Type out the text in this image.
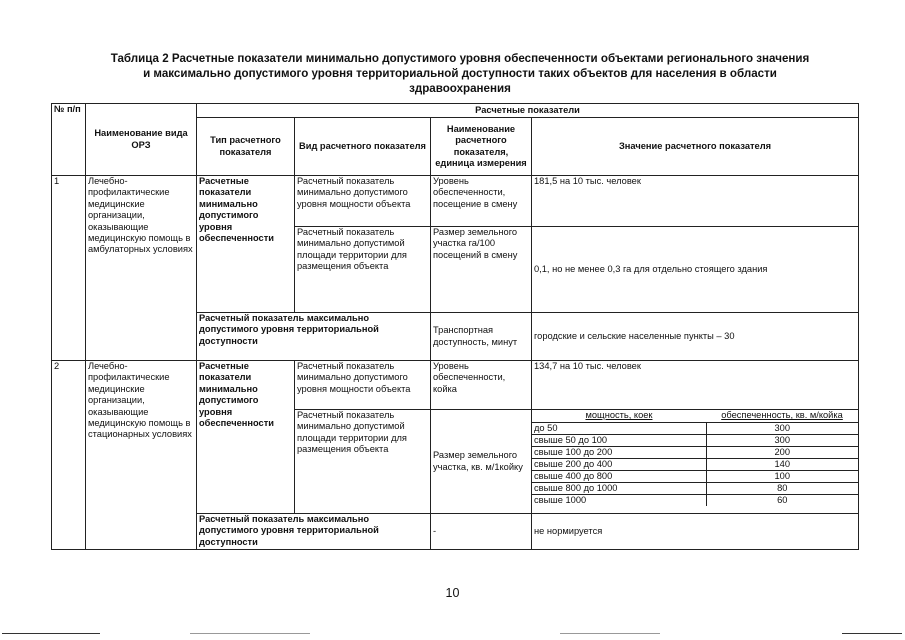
Таблица 2 Расчетные показатели минимально допустимого уровня обеспеченности объектами регионального значения
и максимально допустимого уровня территориальной доступности таких объектов для населения в области
здравоохранения
№ п/п	Наименование вида ОРЗ	Расчетные показатели
Тип расчетного показателя	Вид расчетного показателя	Наименование расчетного показателя, единица измерения	Значение расчетного показателя
1	Лечебно-профилактические медицинские организации, оказывающие медицинскую помощь в амбулаторных условиях	Расчетные показатели минимально допустимого уровня обеспеченности	Расчетный показатель минимально допустимого уровня мощности объекта	Уровень обеспеченности, посещение в смену	181,5 на 10 тыс. человек
Расчетный показатель минимально допустимой площади территории для размещения объекта	Размер земельного участка га/100 посещений в смену	0,1, но не менее 0,3 га для отдельно стоящего здания
Расчетный показатель максимально допустимого уровня территориальной доступности	Транспортная доступность, минут	городские и сельские населенные пункты – 30
2	Лечебно-профилактические медицинские организации, оказывающие медицинскую помощь в стационарных условиях	Расчетные показатели минимально допустимого уровня обеспеченности	Расчетный показатель минимально допустимого уровня мощности объекта	Уровень обеспеченности, койка	134,7 на 10 тыс. человек
Расчетный показатель минимально допустимой площади территории для размещения объекта	Размер земельного участка, кв. м/1койку	
мощность, коек	обеспеченность, кв. м/койка
до 50	300
свыше 50 до 100	300
свыше 100 до 200	200
свыше 200 до 400	140
свыше 400 до 800	100
свыше 800 до 1000	80
свыше 1000	60

Расчетный показатель максимально допустимого уровня территориальной доступности	-	не нормируется
10
